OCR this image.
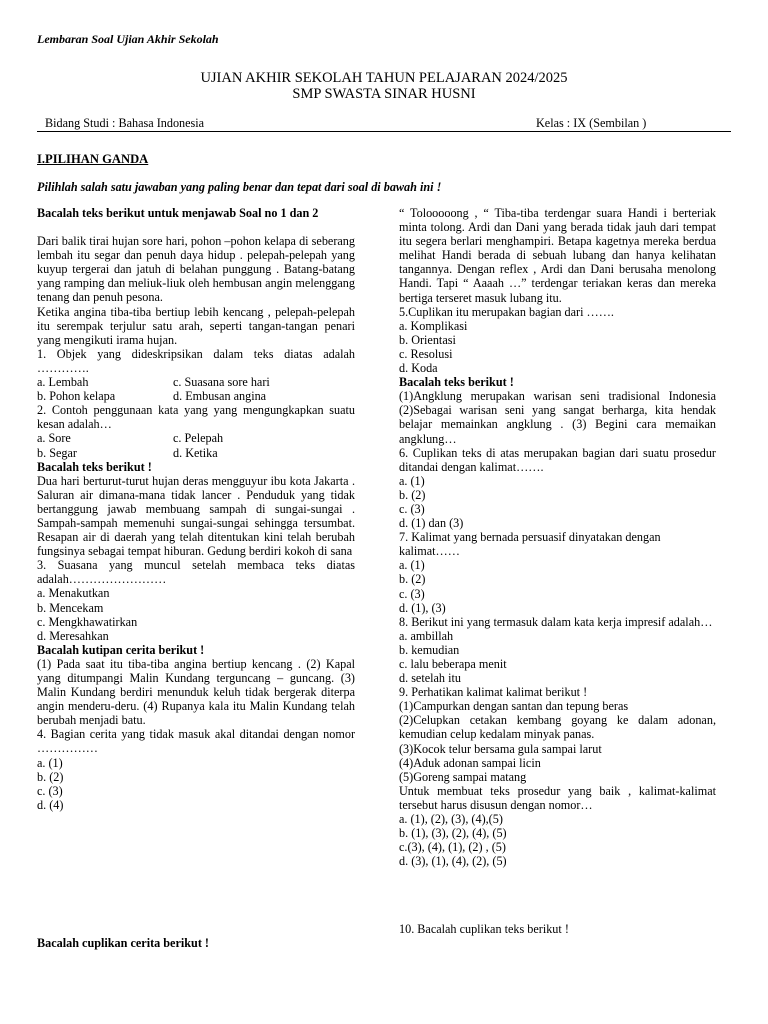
Lembaran Soal Ujian Akhir Sekolah
UJIAN AKHIR SEKOLAH TAHUN PELAJARAN 2024/2025
SMP SWASTA SINAR HUSNI
Bidang Studi : Bahasa Indonesia	Kelas : IX (Sembilan )
I.PILIHAN GANDA
Pilihlah salah satu jawaban yang paling benar dan tepat dari soal di bawah ini !

Bacalah teks berikut untuk menjawab Soal no 1 dan 2

Dari balik tirai hujan sore hari, pohon –pohon kelapa di seberang lembah itu segar dan penuh daya hidup . pelepah-pelepah yang kuyup tergerai dan jatuh di belahan punggung . Batang-batang yang ramping dan meliuk-liuk oleh hembusan angin melenggang tenang dan penuh pesona.

Ketika angina tiba-tiba bertiup lebih kencang , pelepah-pelepah itu serempak terjulur satu arah, seperti tangan-tangan penari yang mengikuti irama hujan.

1. Objek yang dideskripsikan dalam teks diatas adalah ………….

a. Lembah	c. Suasana sore hari
b. Pohon kelapa	d. Embusan angina

2. Contoh penggunaan kata yang yang mengungkapkan suatu kesan adalah…

a. Sore	c. Pelepah
b. Segar	d. Ketika

Bacalah teks berikut !

Dua hari berturut-turut hujan deras mengguyur ibu kota Jakarta . Saluran air dimana-mana tidak lancer . Penduduk yang tidak bertanggung jawab membuang sampah di sungai-sungai . Sampah-sampah memenuhi sungai-sungai sehingga tersumbat. Resapan air di daerah yang telah ditentukan kini telah berubah fungsinya sebagai tempat hiburan. Gedung berdiri kokoh di sana

3. Suasana yang muncul setelah membaca teks diatas adalah……………………

a. Menakutkan

b. Mencekam

c. Mengkhawatirkan

d. Meresahkan

Bacalah kutipan cerita berikut !

(1) Pada saat itu tiba-tiba angina bertiup kencang . (2) Kapal yang ditumpangi Malin Kundang terguncang – guncang. (3) Malin Kundang berdiri menunduk keluh tidak bergerak diterpa angin menderu-deru. (4) Rupanya kala itu Malin Kundang telah berubah menjadi batu.

4. Bagian cerita yang tidak masuk akal ditandai dengan nomor ……………

a. (1)

b. (2)

c. (3)

d. (4)

Bacalah cuplikan cerita berikut !

“ Tolooooong , “ Tiba-tiba terdengar suara Handi i berteriak minta tolong. Ardi dan Dani yang berada tidak jauh dari tempat itu segera berlari menghampiri. Betapa kagetnya mereka berdua melihat Handi berada di sebuah lubang dan hanya kelihatan tangannya. Dengan reflex , Ardi dan Dani berusaha menolong Handi. Tapi “ Aaaah …” terdengar teriakan keras dan mereka bertiga terseret masuk lubang itu.

5.Cuplikan itu merupakan bagian dari …….

a. Komplikasi

b. Orientasi

c. Resolusi

d. Koda

Bacalah teks berikut !

(1)Angklung merupakan warisan seni tradisional Indonesia (2)Sebagai warisan seni yang sangat berharga, kita hendak belajar memainkan angklung . (3) Begini cara memaikan angklung…

6. Cuplikan teks di atas merupakan bagian dari suatu prosedur ditandai dengan kalimat…….

a. (1)

b. (2)

c. (3)

d. (1) dan (3)

7. Kalimat yang bernada persuasif dinyatakan dengan kalimat……

a. (1)

b. (2)

c. (3)

d. (1), (3)

8. Berikut ini yang termasuk dalam kata kerja impresif adalah…

a. ambillah

b. kemudian

c. lalu beberapa menit

d. setelah itu

9. Perhatikan kalimat kalimat berikut !

(1)Campurkan dengan santan dan tepung beras

(2)Celupkan cetakan kembang goyang ke dalam adonan, kemudian celup kedalam minyak panas.

(3)Kocok telur bersama gula sampai larut

(4)Aduk adonan sampai licin

(5)Goreng sampai matang

Untuk membuat teks prosedur yang baik , kalimat-kalimat tersebut harus disusun dengan nomor…

a. (1), (2), (3), (4),(5)

b. (1), (3), (2), (4), (5)

c.(3), (4), (1), (2) , (5)

d. (3), (1), (4), (2), (5)

10. Bacalah cuplikan teks berikut !
